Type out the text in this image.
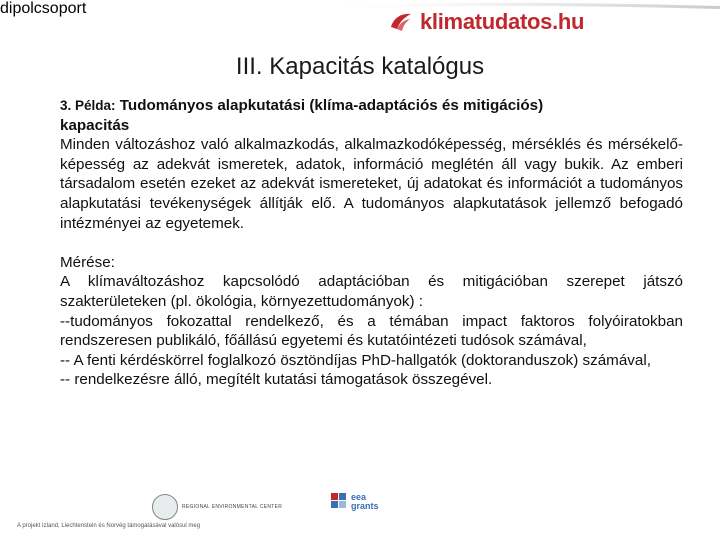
klimatudatos.hu
III. Kapacitás katalógus

3. Példa: Tudományos alapkutatási (klíma-adaptációs és mitigációs)
kapacitás

Minden változáshoz való alkalmazkodás, alkalmazkodóképesség, mérséklés és mérsékelő-képesség az adekvát ismeretek, adatok, információ meglétén áll vagy bukik. Az emberi társadalom esetén ezeket az adekvát ismereteket, új adatokat és információt a tudományos alapkutatási tevékenységek állítják elő. A tudományos alapkutatások jellemző befogadó intézményei az egyetemek.

Mérése:

A klímaváltozáshoz kapcsolódó adaptációban és mitigációban szerepet játszó szakterületeken (pl. ökológia, környezettudományok) :

--tudományos fokozattal rendelkező, és a témában impact faktoros folyóiratokban rendszeresen publikáló, főállású egyetemi és kutatóintézeti tudósok számával,

-- A fenti kérdéskörrel foglalkozó ösztöndíjas PhD-hallgatók (doktoranduszok) számával,

-- rendelkezésre álló, megítélt kutatási támogatások összegével.

dipolcsoport
A projekt Izland, Liechtenstein és Norvég támogatásával valósul meg
REGIONAL ENVIRONMENTAL CENTER
eea
grants
